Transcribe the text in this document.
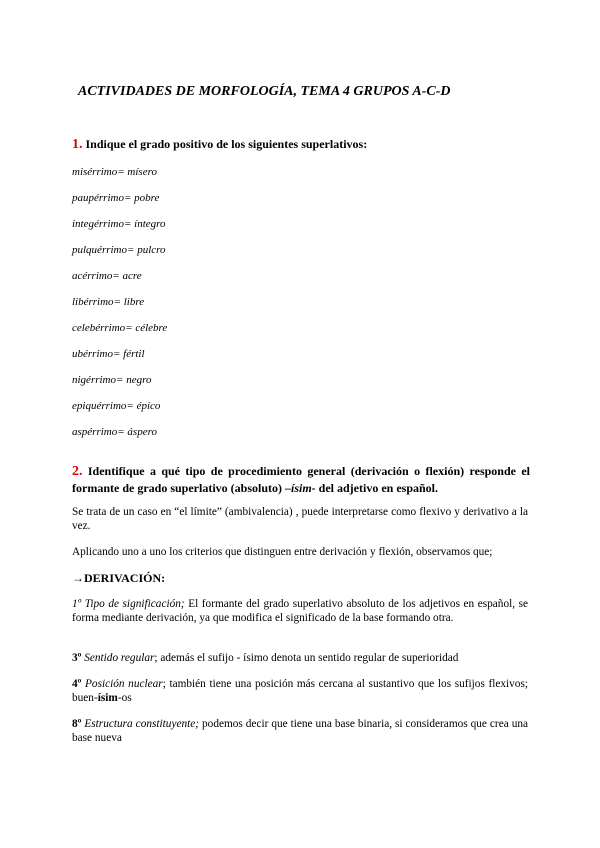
ACTIVIDADES DE MORFOLOGÍA, TEMA 4 GRUPOS A-C-D
1. Indique el grado positivo de los siguientes superlativos:
misérrimo= mísero
paupérrimo= pobre
integérrimo= íntegro
pulquérrimo= pulcro
acérrimo= acre
libérrimo= libre
celebérrimo= célebre
ubérrimo= fértil
nigérrimo= negro
epiquérrimo= épico
aspérrimo= áspero
2. Identifique a qué tipo de procedimiento general (derivación o flexión) responde el formante de grado superlativo (absoluto) –ísim- del adjetivo en español.
Se trata de un caso en “el límite” (ambivalencia) , puede interpretarse como flexivo y derivativo a la vez.
Aplicando uno a uno los criterios que distinguen entre derivación y flexión, observamos que;
→DERIVACIÓN:
1º Tipo de significación; El formante del grado superlativo absoluto de los adjetivos en español, se forma mediante derivación, ya que modifica el significado de la base formando otra.
3º Sentido regular; además el sufijo - ísimo denota un sentido regular de superioridad
4º Posición nuclear; también tiene una posición más cercana al sustantivo que los sufijos flexivos; buen-ísim-os
8º Estructura constituyente; podemos decir que tiene una base binaria, si consideramos que crea una base nueva
